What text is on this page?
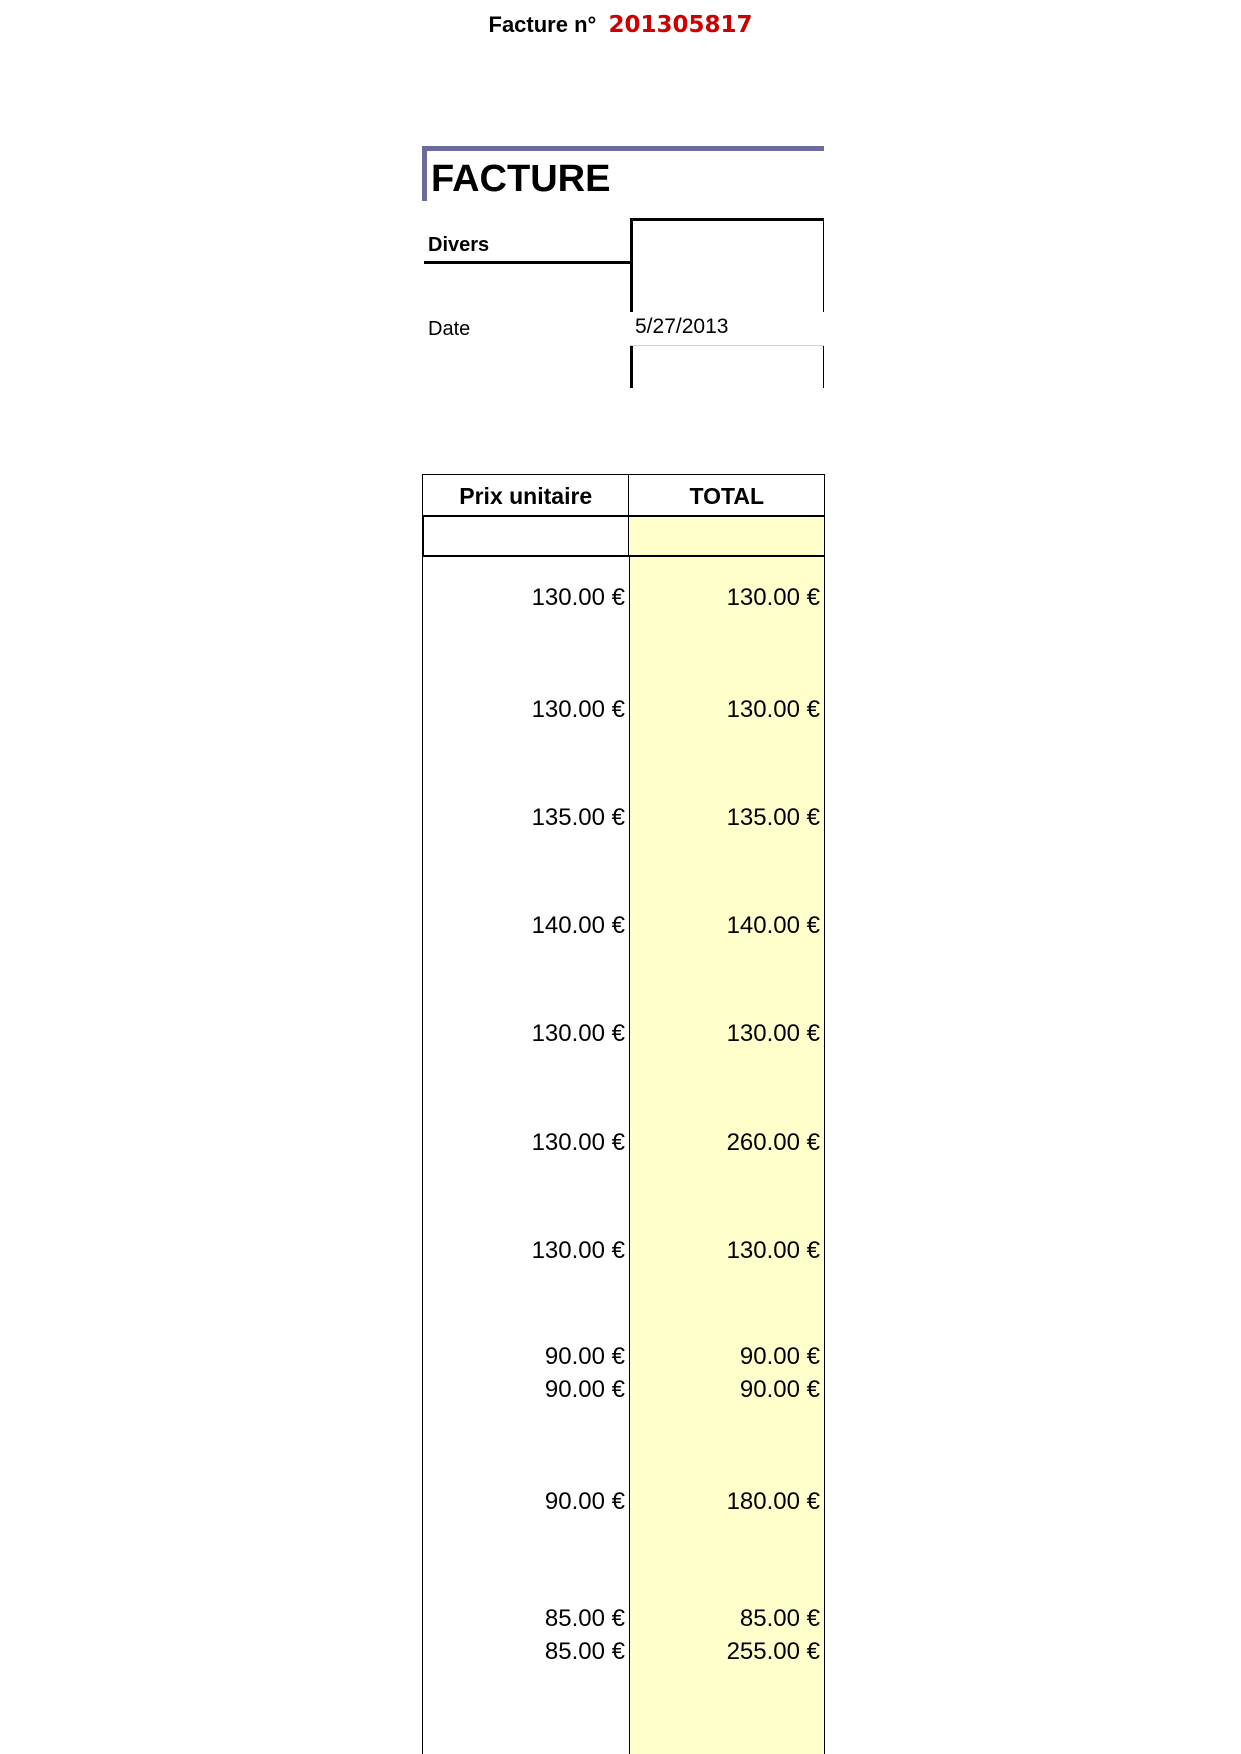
Facture n° 201305817
FACTURE
Divers
Date	5/27/2013
Prix unitaire	TOTAL
130.00 €	130.00 €
130.00 €	130.00 €
135.00 €	135.00 €
140.00 €	140.00 €
130.00 €	130.00 €
130.00 €	260.00 €
130.00 €	130.00 €
90.00 €	90.00 €
90.00 €	90.00 €
90.00 €	180.00 €
85.00 €	85.00 €
85.00 €	255.00 €
